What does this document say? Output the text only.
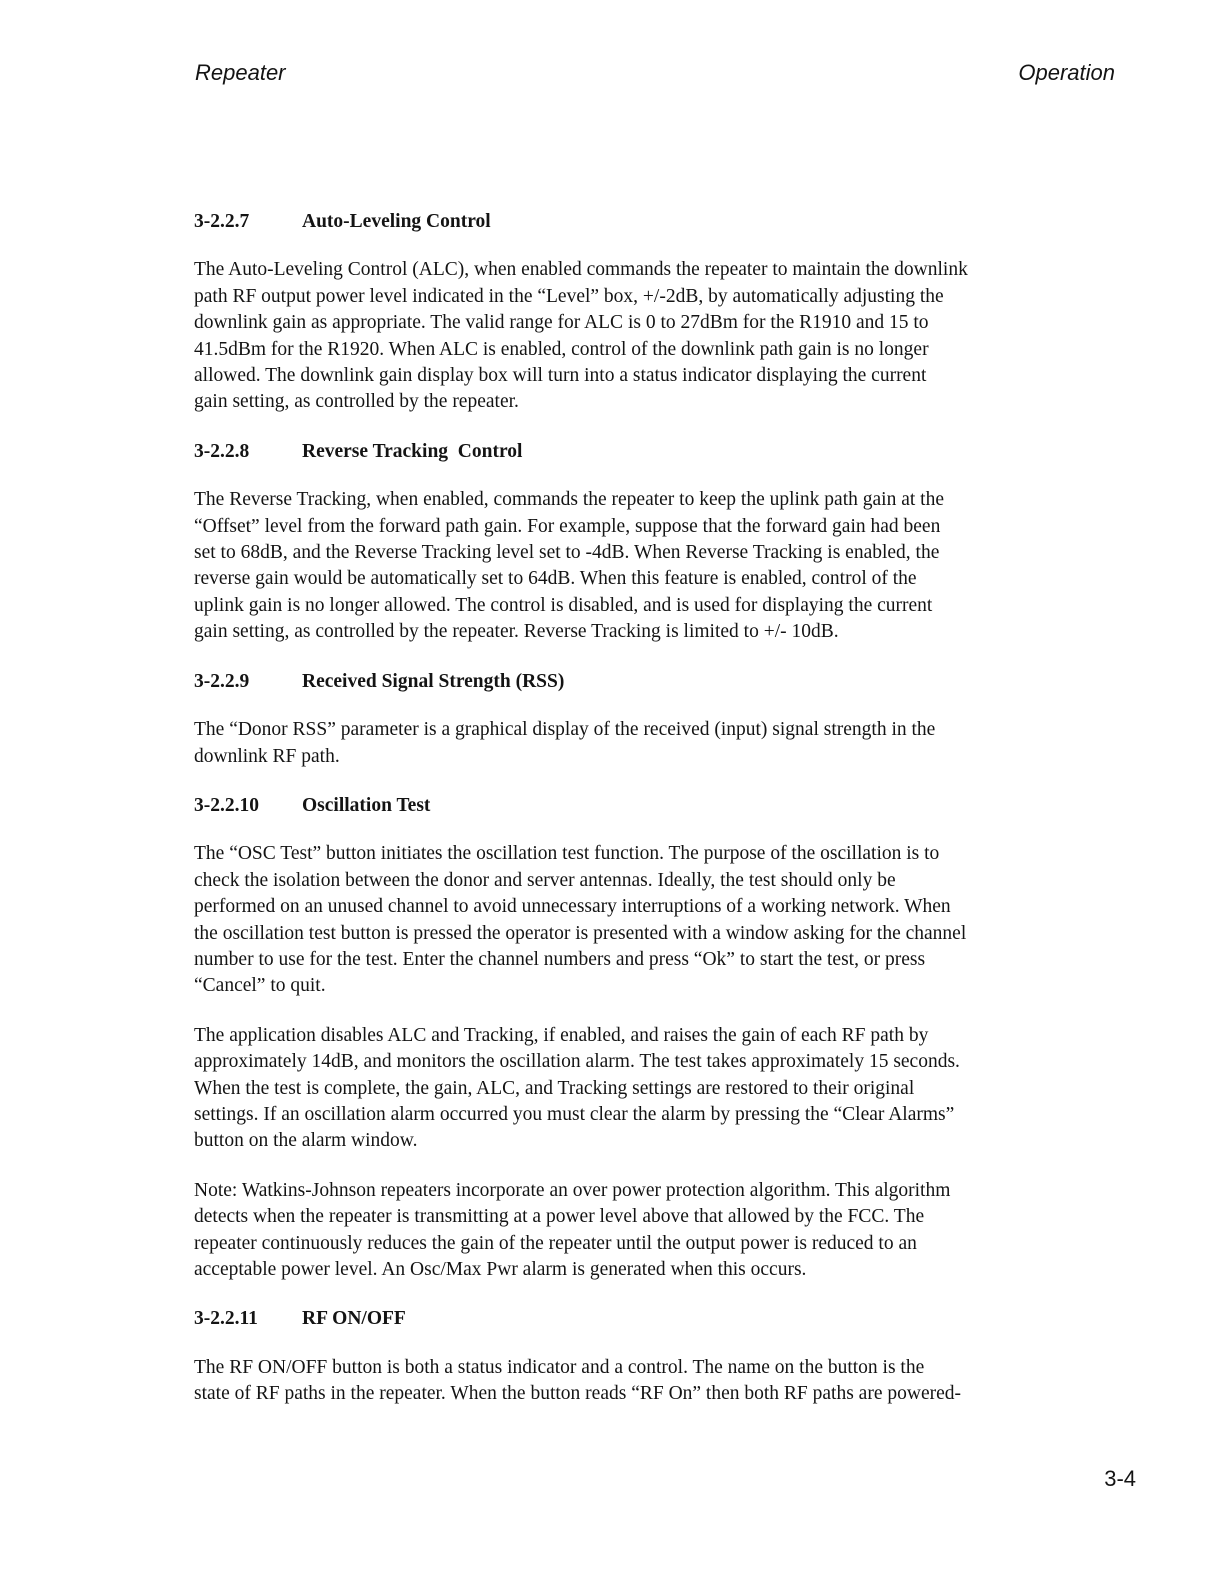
Repeater	Operation
3-2.2.7	Auto-Leveling Control

The Auto-Leveling Control (ALC), when enabled commands the repeater to maintain the downlink
path RF output power level indicated in the “Level” box, +/-2dB, by automatically adjusting the
downlink gain as appropriate. The valid range for ALC is 0 to 27dBm for the R1910 and 15 to
41.5dBm for the R1920. When ALC is enabled, control of the downlink path gain is no longer
allowed. The downlink gain display box will turn into a status indicator displaying the current
gain setting, as controlled by the repeater.

3-2.2.8	Reverse Tracking  Control

The Reverse Tracking, when enabled, commands the repeater to keep the uplink path gain at the
“Offset” level from the forward path gain. For example, suppose that the forward gain had been
set to 68dB, and the Reverse Tracking level set to -4dB. When Reverse Tracking is enabled, the
reverse gain would be automatically set to 64dB. When this feature is enabled, control of the
uplink gain is no longer allowed. The control is disabled, and is used for displaying the current
gain setting, as controlled by the repeater. Reverse Tracking is limited to +/- 10dB.

3-2.2.9	Received Signal Strength (RSS)

The “Donor RSS” parameter is a graphical display of the received (input) signal strength in the
downlink RF path.

3-2.2.10 Oscillation Test

The “OSC Test” button initiates the oscillation test function. The purpose of the oscillation is to
check the isolation between the donor and server antennas. Ideally, the test should only be
performed on an unused channel to avoid unnecessary interruptions of a working network. When
the oscillation test button is pressed the operator is presented with a window asking for the channel
number to use for the test. Enter the channel numbers and press “Ok” to start the test, or press
“Cancel” to quit.

The application disables ALC and Tracking, if enabled, and raises the gain of each RF path by
approximately 14dB, and monitors the oscillation alarm. The test takes approximately 15 seconds.
When the test is complete, the gain, ALC, and Tracking settings are restored to their original
settings. If an oscillation alarm occurred you must clear the alarm by pressing the “Clear Alarms”
button on the alarm window.

Note: Watkins-Johnson repeaters incorporate an over power protection algorithm. This algorithm
detects when the repeater is transmitting at a power level above that allowed by the FCC. The
repeater continuously reduces the gain of the repeater until the output power is reduced to an
acceptable power level. An Osc/Max Pwr alarm is generated when this occurs.

3-2.2.11 RF ON/OFF

The RF ON/OFF button is both a status indicator and a control. The name on the button is the
state of RF paths in the repeater. When the button reads “RF On” then both RF paths are powered-

3-4
